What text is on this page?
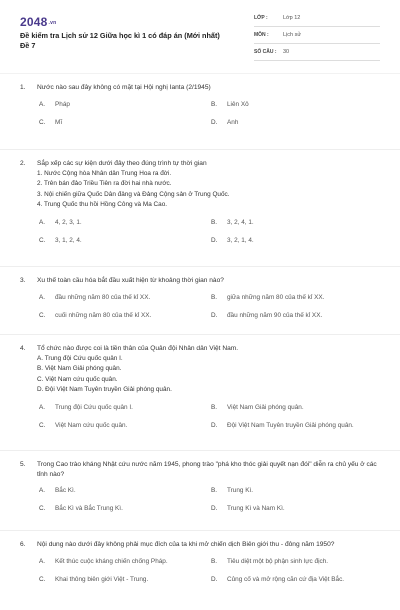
2048.vn
Đề kiểm tra Lịch sử 12 Giữa học kì 1 có đáp án (Mới nhất)
Đề 7
LỚP :	Lớp 12
MÔN :	Lịch sử
SỐ CÂU : 30
1.	Nước nào sau đây không có mặt tại Hội nghị Ianta (2/1945)
A.	Pháp	B.	Liên Xô
C.	Mĩ	D.	Anh
2.	Sắp xếp các sự kiện dưới đây theo đúng trình tự thời gian
1. Nước Cộng hòa Nhân dân Trung Hoa ra đời.
2. Trên bán đảo Triều Tiên ra đời hai nhà nước.
3. Nội chiến giữa Quốc Dân đảng và Đảng Cộng sản ở Trung Quốc.
4. Trung Quốc thu hồi Hồng Công và Ma Cao.
A.	4, 2, 3, 1.	B.	3, 2, 4, 1.
C.	3, 1, 2, 4.	D.	3, 2, 1, 4.
3.	Xu thế toàn cầu hóa bắt đầu xuất hiện từ khoảng thời gian nào?
A.	đầu những năm 80 của thế kỉ XX.	B.	giữa những năm 80 của thế kỉ XX.
C.	cuối những năm 80 của thế kỉ XX.	D.	đầu những năm 90 của thế kỉ XX.
4.	Tổ chức nào được coi là tiền thân của Quân đội Nhân dân Việt Nam.
A. Trung đội Cứu quốc quân I.
B. Việt Nam Giải phóng quân.
C. Việt Nam cứu quốc quân.
D. Đội Việt Nam Tuyên truyền Giải phóng quân.
A.	Trung đội Cứu quốc quân I.	B.	Việt Nam Giải phóng quân.
C.	Việt Nam cứu quốc quân.	D.	Đội Việt Nam Tuyên truyền Giải phóng quân.
5.	Trong Cao trào kháng Nhật cứu nước năm 1945, phong trào "phá kho thóc giải quyết nạn đói" diễn ra chủ yếu ở các tỉnh nào?
A.	Bắc Kì.	B.	Trung Kì.
C.	Bắc Kì và Bắc Trung Kì.	D.	Trung Kì và Nam Kì.
6.	Nội dung nào dưới đây không phải mục đích của ta khi mở chiến dịch Biên giới thu - đông năm 1950?
A.	Kết thúc cuộc kháng chiến chống Pháp.	B.	Tiêu diệt một bộ phận sinh lực địch.
C.	Khai thông biên giới Việt - Trung.	D.	Củng cố và mở rộng căn cứ địa Việt Bắc.
